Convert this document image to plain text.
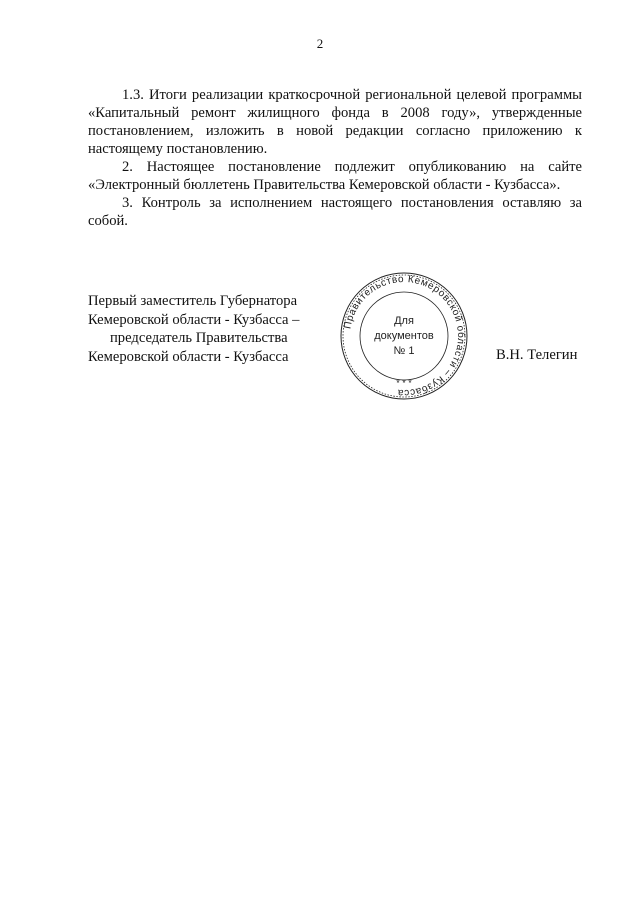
2

1.3. Итоги реализации краткосрочной региональной целевой программы «Капитальный ремонт жилищного фонда в 2008 году», утвержденные постановлением, изложить в новой редакции согласно приложению к настоящему постановлению.

2. Настоящее постановление подлежит опубликованию на сайте «Электронный бюллетень Правительства Кемеровской области - Кузбасса».

3. Контроль за исполнением настоящего постановления оставляю за собой.

Первый заместитель Губернатора
Кемеровской области - Кузбасса –
председатель Правительства
Кемеровской области - Кузбасса	В.Н. Телегин
Правительство Кемеровской области – Кузбасса
Для
документов
№ 1
* * *
